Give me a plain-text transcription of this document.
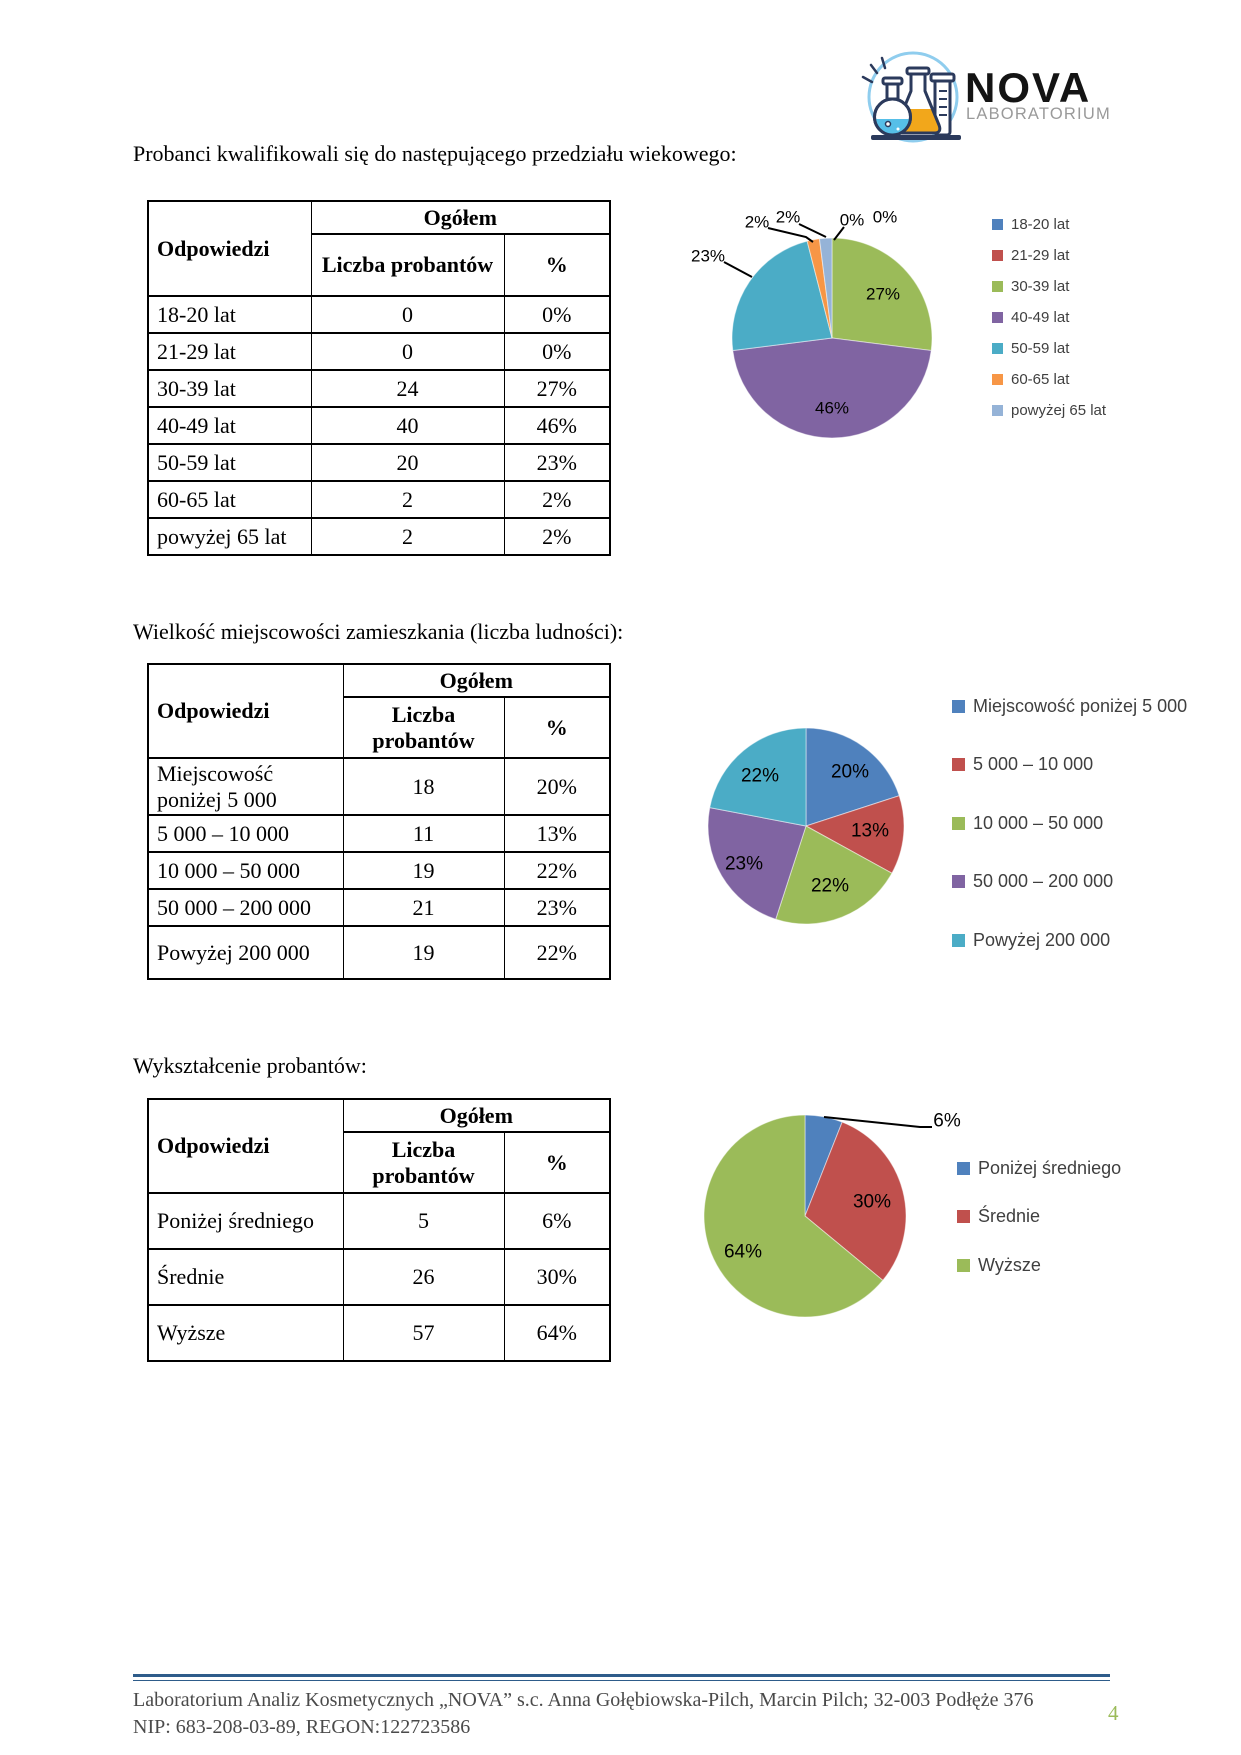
NOVA
LABORATORIUM
Probanci kwalifikowali się do następującego przedziału wiekowego:
Wielkość miejscowości zamieszkania (liczba ludności):
Wykształcenie probantów:
Odpowiedzi	Ogółem	
	Liczba probantów	%
18-20 lat	0	0%
21-29 lat	0	0%
30-39 lat	24	27%
40-49 lat	40	46%
50-59 lat	20	23%
60-65 lat	2	2%
powyżej 65 lat	2	2%
Odpowiedzi	Ogółem	
	Liczba probantów	%
Miejscowość poniżej 5 000	18	20%
5 000 – 10 000	11	13%
10 000 – 50 000	19	22%
50 000 – 200 000	21	23%
Powyżej 200 000	19	22%
Odpowiedzi	Ogółem	
	Liczba probantów	%
Poniżej średniego	5	6%
Średnie	26	30%
Wyższe	57	64%
2% 2% 0% 0%
23%
27%
46%
20%
13%
22%
23%
22%
6%
30%
64%
18-20 lat
21-29 lat
30-39 lat
40-49 lat
50-59 lat
60-65 lat
powyżej 65 lat
Miejscowość poniżej 5 000
5 000 – 10 000
10 000 – 50 000
50 000 – 200 000
Powyżej 200 000
Poniżej średniego
Średnie
Wyższe
Laboratorium Analiz Kosmetycznych „NOVA” s.c. Anna Gołębiowska-Pilch, Marcin Pilch; 32-003 Podłęże 376
NIP: 683-208-03-89, REGON:122723586
4
